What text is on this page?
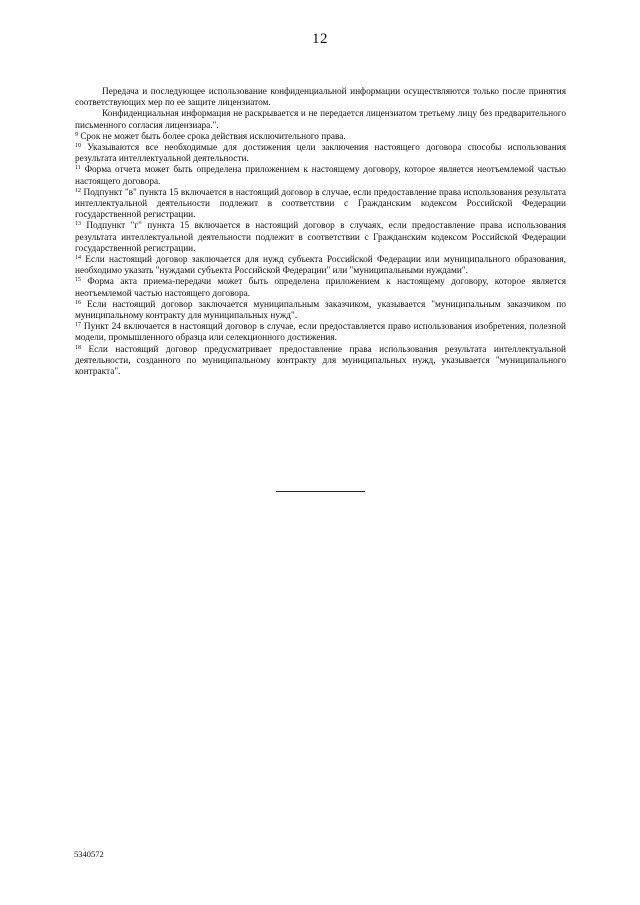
12

Передача и последующее использование конфиденциальной информации осуществляются только после принятия соответствующих мер по ее защите лицензиатом.

Конфиденциальная информация не раскрывается и не передается лицензиатом третьему лицу без предварительного письменного согласия лицензиара.".

$^9$ Срок не может быть более срока действия исключительного права.

$^{10}$ Указываются все необходимые для достижения цели заключения настоящего договора способы использования результата интеллектуальной деятельности.

$^{11}$ Форма отчета может быть определена приложением к настоящему договору, которое является неотъемлемой частью настоящего договора.

$^{12}$ Подпункт "в" пункта 15 включается в настоящий договор в случае, если предоставление права использования результата интеллектуальной деятельности подлежит в соответствии с Гражданским кодексом Российской Федерации государственной регистрации.

$^{13}$ Подпункт "г" пункта 15 включается в настоящий договор в случаях, если предоставление права использования результата интеллектуальной деятельности подлежит в соответствии с Гражданским кодексом Российской Федерации государственной регистрации.

$^{14}$ Если настоящий договор заключается для нужд субъекта Российской Федерации или муниципального образования, необходимо указать "нуждами субъекта Российской Федерации" или "муниципальными нуждами".

$^{15}$ Форма акта приема-передачи может быть определена приложением к настоящему договору, которое является неотъемлемой частью настоящего договора.

$^{16}$ Если настоящий договор заключается муниципальным заказчиком, указывается "муниципальным заказчиком по муниципальному контракту для муниципальных нужд".

$^{17}$ Пункт 24 включается в настоящий договор в случае, если предоставляется право использования изобретения, полезной модели, промышленного образца или селекционного достижения.

$^{18}$ Если настоящий договор предусматривает предоставление права использования результата интеллектуальной деятельности, созданного по муниципальному контракту для муниципальных нужд, указывается "муниципального контракта".

5340572
